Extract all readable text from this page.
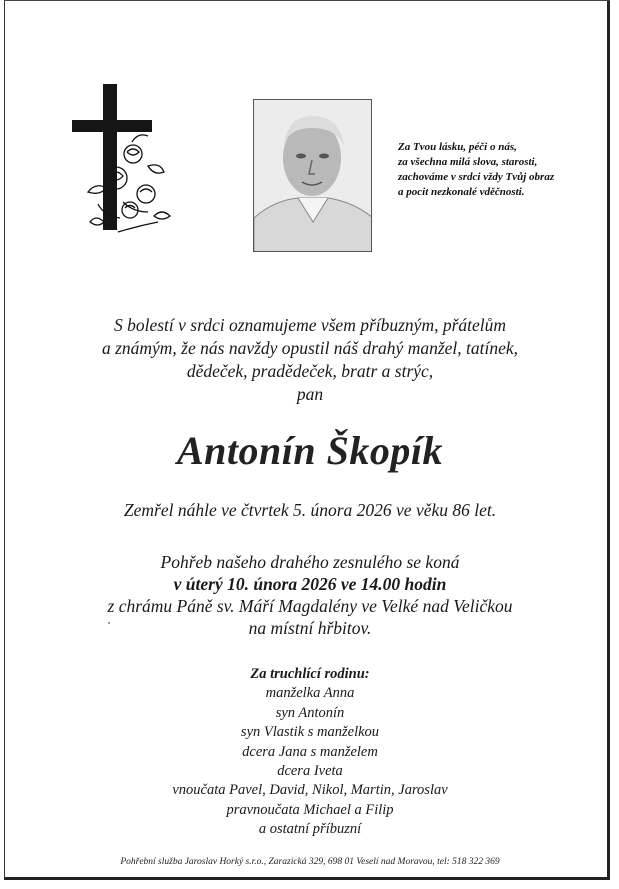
Za Tvou lásku, péči o nás,
za všechna milá slova, starosti,
zachováme v srdci vždy Tvůj obraz
a pocit nezkonalé vděčnosti.
S bolestí v srdci oznamujeme všem příbuzným, přátelům
a známým, že nás navždy opustil náš drahý manžel, tatínek,
dědeček, pradědeček, bratr a strýc,
pan
Antonín Škopík
Zemřel náhle ve čtvrtek 5. února 2026 ve věku 86 let.
Pohřeb našeho drahého zesnulého se koná
v úterý 10. února 2026 ve 14.00 hodin
z chrámu Páně sv. Máří Magdalény ve Velké nad Veličkou
na místní hřbitov.
Za truchlící rodinu:
manželka Anna
syn Antonín
syn Vlastik s manželkou
dcera Jana s manželem
dcera Iveta
vnoučata Pavel, David, Nikol, Martin, Jaroslav
pravnoučata Michael a Filip
a ostatní příbuzní
Pohřební služba Jaroslav Horký s.r.o., Zarazická 329, 698 01 Veselí nad Moravou, tel: 518 322 369
